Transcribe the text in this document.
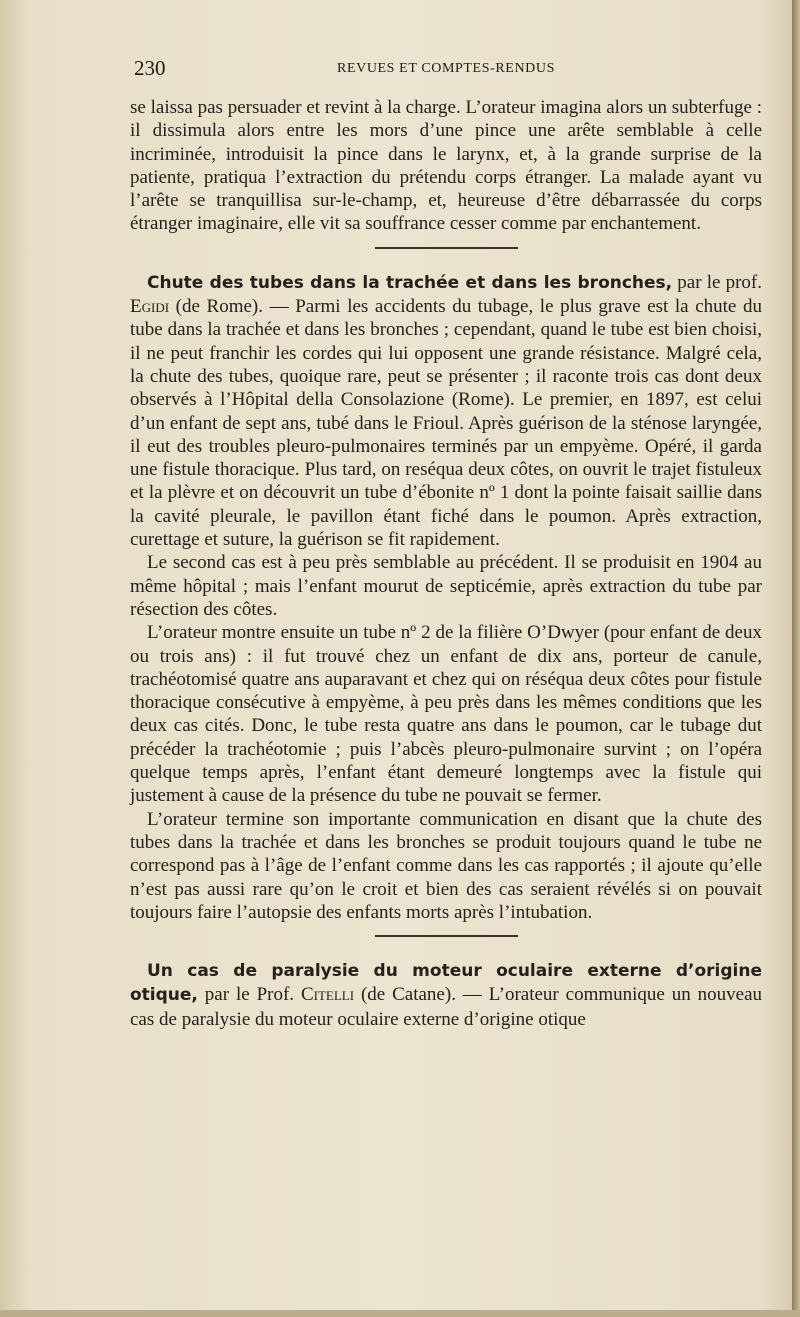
230	REVUES ET COMPTES-RENDUS

se laissa pas persuader et revint à la charge. L’orateur imagina alors un subterfuge : il dissimula alors entre les mors d’une pince une arête semblable à celle incriminée, introduisit la pince dans le larynx, et, à la grande surprise de la patiente, pratiqua l’extraction du prétendu corps étranger. La malade ayant vu l’arête se tranquillisa sur-le-champ, et, heureuse d’être débarrassée du corps étranger imaginaire, elle vit sa souffrance cesser comme par enchantement.

Chute des tubes dans la trachée et dans les bronches, par le prof. Egidi (de Rome). — Parmi les accidents du tubage, le plus grave est la chute du tube dans la trachée et dans les bronches ; cependant, quand le tube est bien choisi, il ne peut franchir les cordes qui lui opposent une grande résistance. Malgré cela, la chute des tubes, quoique rare, peut se présenter ; il raconte trois cas dont deux observés à l’Hôpital della Consolazione (Rome). Le premier, en 1897, est celui d’un enfant de sept ans, tubé dans le Frioul. Après guérison de la sténose laryngée, il eut des troubles pleuro-pulmonaires terminés par un empyème. Opéré, il garda une fistule thoracique. Plus tard, on reséqua deux côtes, on ouvrit le trajet fistuleux et la plèvre et on découvrit un tube d’ébonite nº 1 dont la pointe faisait saillie dans la cavité pleurale, le pavillon étant fiché dans le poumon. Après extraction, curettage et suture, la guérison se fit rapidement.

Le second cas est à peu près semblable au précédent. Il se produisit en 1904 au même hôpital ; mais l’enfant mourut de septicémie, après extraction du tube par résection des côtes.

L’orateur montre ensuite un tube nº 2 de la filière O’Dwyer (pour enfant de deux ou trois ans) : il fut trouvé chez un enfant de dix ans, porteur de canule, trachéotomisé quatre ans auparavant et chez qui on réséqua deux côtes pour fistule thoracique consécutive à empyème, à peu près dans les mêmes conditions que les deux cas cités. Donc, le tube resta quatre ans dans le poumon, car le tubage dut précéder la trachéotomie ; puis l’abcès pleuro-pulmonaire survint ; on l’opéra quelque temps après, l’enfant étant demeuré longtemps avec la fistule qui justement à cause de la présence du tube ne pouvait se fermer.

L’orateur termine son importante communication en disant que la chute des tubes dans la trachée et dans les bronches se produit toujours quand le tube ne correspond pas à l’âge de l’enfant comme dans les cas rapportés ; il ajoute qu’elle n’est pas aussi rare qu’on le croit et bien des cas seraient révélés si on pouvait toujours faire l’autopsie des enfants morts après l’intubation.

Un cas de paralysie du moteur oculaire externe d’origine otique, par le Prof. Citelli (de Catane). — L’orateur communique un nouveau cas de paralysie du moteur oculaire externe d’origine otique
